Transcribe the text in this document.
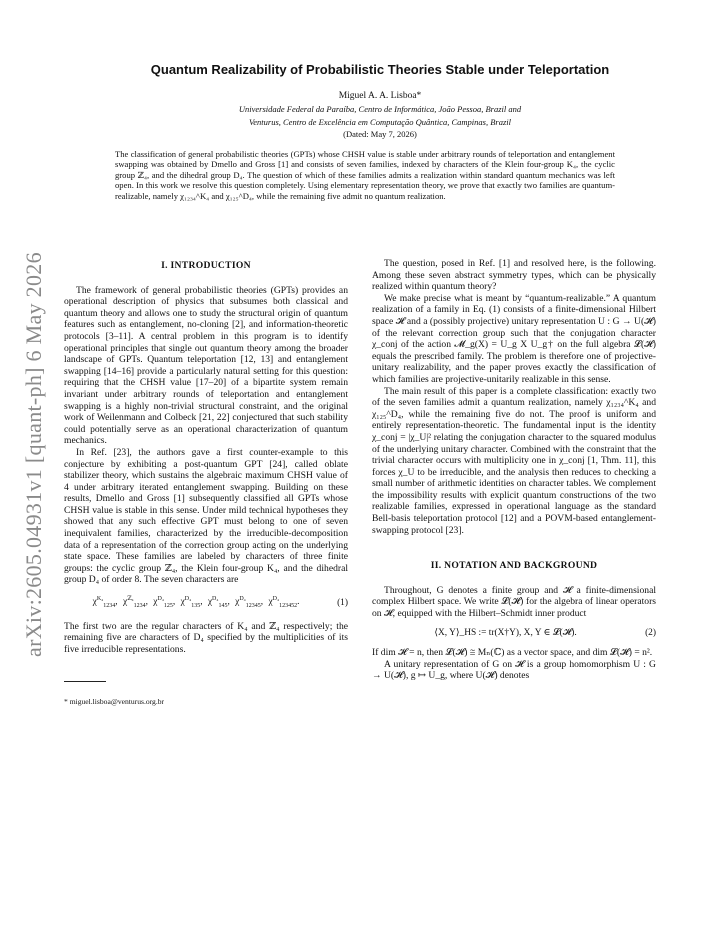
arXiv:2605.04931v1 [quant-ph] 6 May 2026
Quantum Realizability of Probabilistic Theories Stable under Teleportation
Miguel A. A. Lisboa*
Universidade Federal da Paraíba, Centro de Informática, João Pessoa, Brazil and
Venturus, Centro de Excelência em Computação Quântica, Campinas, Brazil
(Dated: May 7, 2026)
The classification of general probabilistic theories (GPTs) whose CHSH value is stable under arbitrary rounds of teleportation and entanglement swapping was obtained by Dmello and Gross [1] and consists of seven families, indexed by characters of the Klein four-group K₄, the cyclic group ℤ₄, and the dihedral group D₄. The question of which of these families admits a realization within standard quantum mechanics was left open. In this work we resolve this question completely. Using elementary representation theory, we prove that exactly two families are quantum-realizable, namely χ₁₂₃₄^K₄ and χ₁₂₅^D₄, while the remaining five admit no quantum realization.
I. INTRODUCTION

The framework of general probabilistic theories (GPTs) provides an operational description of physics that subsumes both classical and quantum theory and allows one to study the structural origin of quantum features such as entanglement, no-cloning [2], and information-theoretic protocols [3–11]. A central problem in this program is to identify operational principles that single out quantum theory among the broader landscape of GPTs. Quantum teleportation [12, 13] and entanglement swapping [14–16] provide a particularly natural setting for this question: requiring that the CHSH value [17–20] of a bipartite system remain invariant under arbitrary rounds of teleportation and entanglement swapping is a highly non-trivial structural constraint, and the original work of Weilenmann and Colbeck [21, 22] conjectured that such stability could potentially serve as an operational characterization of quantum mechanics.

In Ref. [23], the authors gave a first counter-example to this conjecture by exhibiting a post-quantum GPT [24], called oblate stabilizer theory, which sustains the algebraic maximum CHSH value of 4 under arbitrary iterated entanglement swapping. Building on these results, Dmello and Gross [1] subsequently classified all GPTs whose CHSH value is stable in this sense. Under mild technical hypotheses they showed that any such effective GPT must belong to one of seven inequivalent families, characterized by the irreducible-decomposition data of a representation of the correction group acting on the underlying state space. These families are labeled by characters of three finite groups: the cyclic group ℤ₄, the Klein four-group K₄, and the dihedral group D₄ of order 8. The seven characters are

$\chi^{K_4}_{1234}$, $\chi^{ℤ_4}_{1234}$, $\chi^{D_4}_{125}$, $\chi^{D_4}_{135}$, $\chi^{D_4}_{145}$, $\chi^{D_4}_{12345}$, $\chi^{D_4}_{123452}$.	(1)

The first two are the regular characters of K₄ and ℤ₄ respectively; the remaining five are characters of D₄ specified by the multiplicities of its five irreducible representations.

* miguel.lisboa@venturus.org.br

The question, posed in Ref. [1] and resolved here, is the following. Among these seven abstract symmetry types, which can be physically realized within quantum theory?

We make precise what is meant by “quantum-realizable.” A quantum realization of a family in Eq. (1) consists of a finite-dimensional Hilbert space 𝓗 and a (possibly projective) unitary representation U : G → U(𝓗) of the relevant correction group such that the conjugation character χ_conj of the action 𝓜_g(X) = U_g X U_g† on the full algebra 𝓛(𝓗) equals the prescribed family. The problem is therefore one of projective-unitary realizability, and the paper proves exactly the classification of which families are projective-unitarily realizable in this sense.

The main result of this paper is a complete classification: exactly two of the seven families admit a quantum realization, namely χ₁₂₃₄^K₄ and χ₁₂₅^D₄, while the remaining five do not. The proof is uniform and entirely representation-theoretic. The fundamental input is the identity χ_conj = |χ_U|² relating the conjugation character to the squared modulus of the underlying unitary character. Combined with the constraint that the trivial character occurs with multiplicity one in χ_conj [1, Thm. 11], this forces χ_U to be irreducible, and the analysis then reduces to checking a small number of arithmetic identities on character tables. We complement the impossibility results with explicit quantum constructions of the two realizable families, expressed in operational language as the standard Bell-basis teleportation protocol [12] and a POVM-based entanglement-swapping protocol [23].

II. NOTATION AND BACKGROUND

Throughout, G denotes a finite group and 𝓗 a finite-dimensional complex Hilbert space. We write 𝓛(𝓗) for the algebra of linear operators on 𝓗, equipped with the Hilbert–Schmidt inner product

⟨X, Y⟩_HS := tr(X†Y), X, Y ∈ 𝓛(𝓗).	(2)

If dim 𝓗 = n, then 𝓛(𝓗) ≅ Mₙ(ℂ) as a vector space, and dim 𝓛(𝓗) = n².

A unitary representation of G on 𝓗 is a group homomorphism U : G → U(𝓗), g ↦ U_g, where U(𝓗) denotes
